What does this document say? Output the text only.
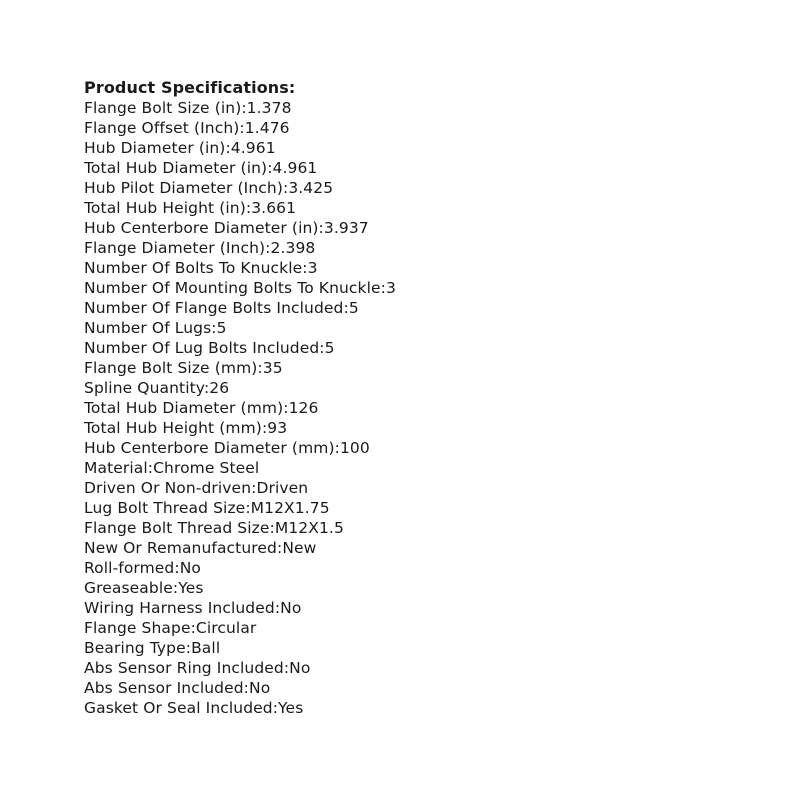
Product Specifications:
Flange Bolt Size (in):1.378
Flange Offset (Inch):1.476
Hub Diameter (in):4.961
Total Hub Diameter (in):4.961
Hub Pilot Diameter (Inch):3.425
Total Hub Height (in):3.661
Hub Centerbore Diameter (in):3.937
Flange Diameter (Inch):2.398
Number Of Bolts To Knuckle:3
Number Of Mounting Bolts To Knuckle:3
Number Of Flange Bolts Included:5
Number Of Lugs:5
Number Of Lug Bolts Included:5
Flange Bolt Size (mm):35
Spline Quantity:26
Total Hub Diameter (mm):126
Total Hub Height (mm):93
Hub Centerbore Diameter (mm):100
Material:Chrome Steel
Driven Or Non-driven:Driven
Lug Bolt Thread Size:M12X1.75
Flange Bolt Thread Size:M12X1.5
New Or Remanufactured:New
Roll-formed:No
Greaseable:Yes
Wiring Harness Included:No
Flange Shape:Circular
Bearing Type:Ball
Abs Sensor Ring Included:No
Abs Sensor Included:No
Gasket Or Seal Included:Yes
